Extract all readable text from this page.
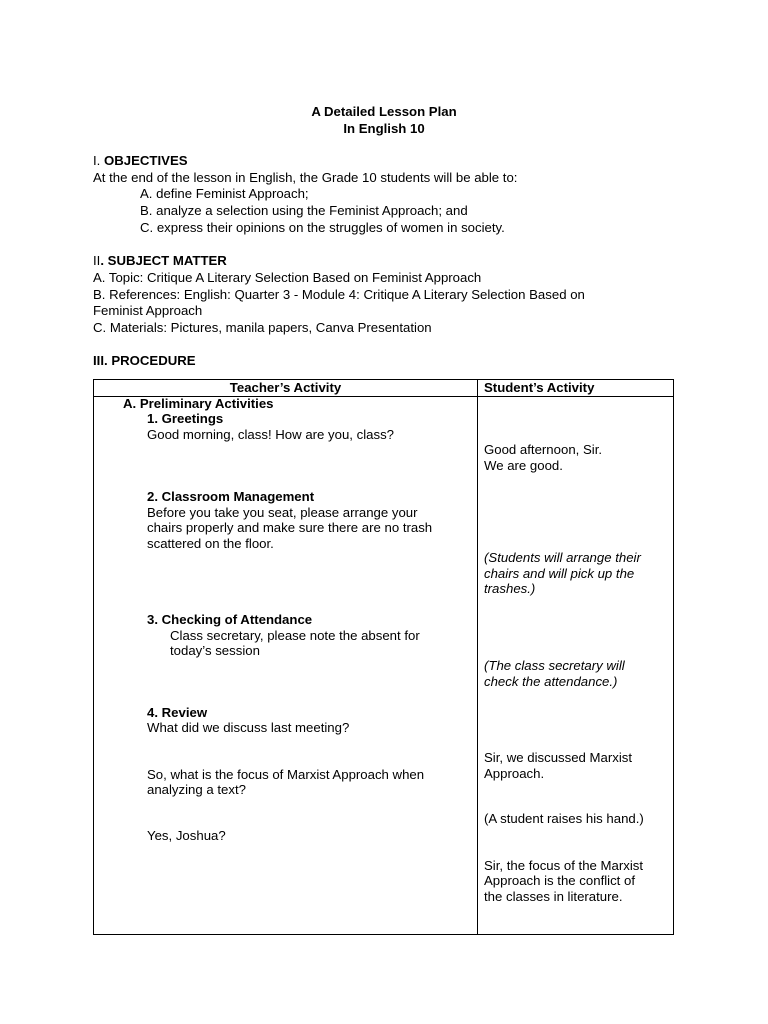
A Detailed Lesson Plan
In English 10
I. OBJECTIVES
At the end of the lesson in English, the Grade 10 students will be able to:
A. define Feminist Approach;
B. analyze a selection using the Feminist Approach; and
C. express their opinions on the struggles of women in society.
II. SUBJECT MATTER
A. Topic: Critique A Literary Selection Based on Feminist Approach
B. References: English: Quarter 3 - Module 4: Critique A Literary Selection Based on
Feminist Approach
C. Materials: Pictures, manila papers, Canva Presentation
III. PROCEDURE
Teacher’s Activity	Student’s Activity
A. Preliminary Activities
1. Greetings
Good morning, class! How are you, class?
Good afternoon, Sir.
We are good.
2. Classroom Management
Before you take you seat, please arrange your
chairs properly and make sure there are no trash
scattered on the floor.
(Students will arrange their
chairs and will pick up the
trashes.)
3. Checking of Attendance
Class secretary, please note the absent for
today’s session
(The class secretary will
check the attendance.)
4. Review
What did we discuss last meeting?
Sir, we discussed Marxist
Approach.
So, what is the focus of Marxist Approach when
analyzing a text?
(A student raises his hand.)
Yes, Joshua?
Sir, the focus of the Marxist
Approach is the conflict of
the classes in literature.
